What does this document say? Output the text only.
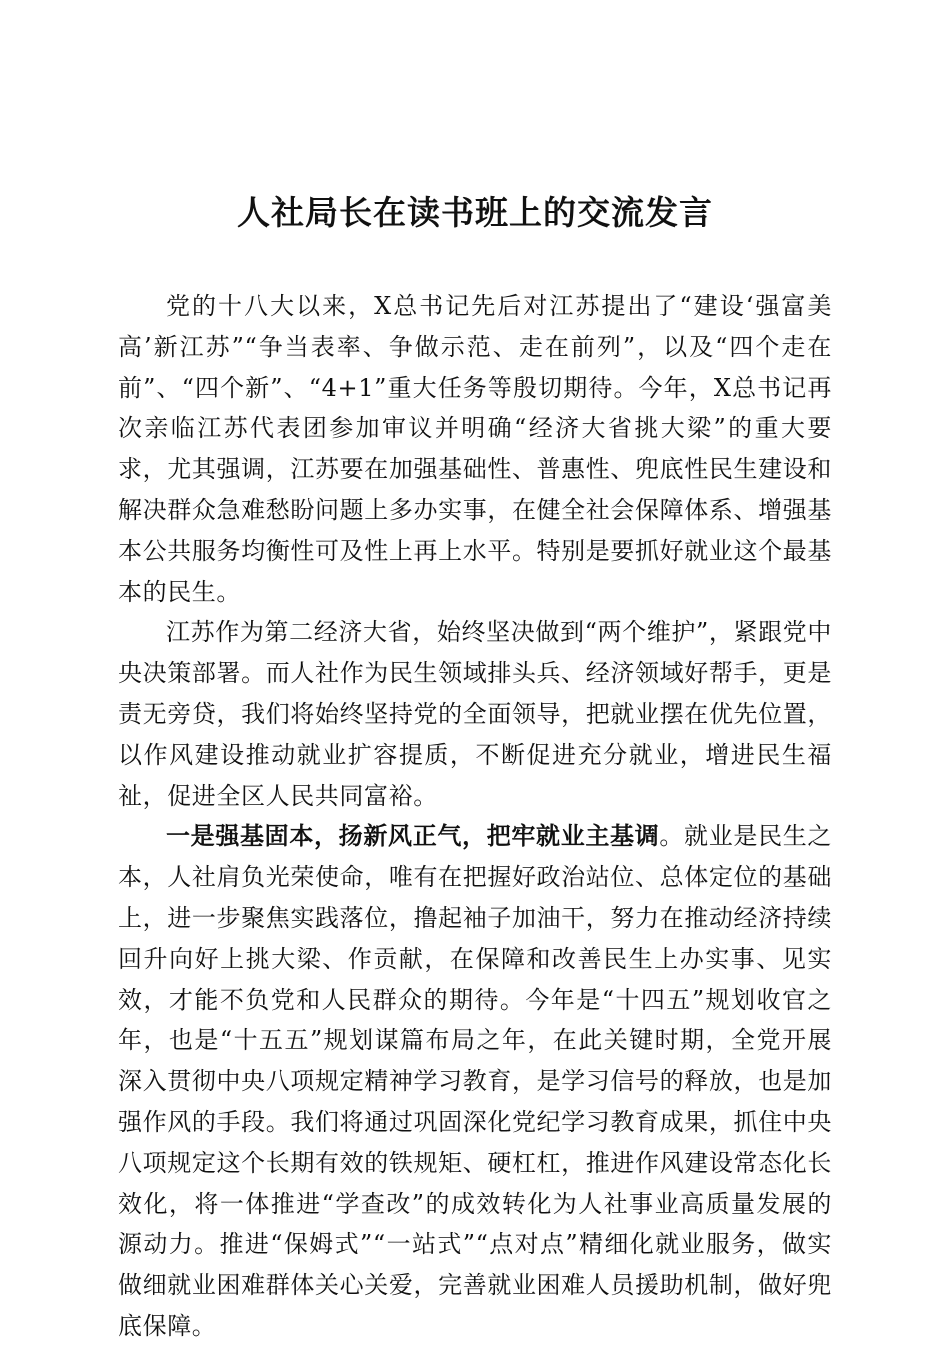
人社局长在读书班上的交流发言

党的十八大以来，X总书记先后对江苏提出了“建设‘强富美高’新江苏”“争当表率、争做示范、走在前列”，以及“四个走在前”、“四个新”、“4+1”重大任务等殷切期待。今年，X总书记再次亲临江苏代表团参加审议并明确“经济大省挑大梁”的重大要求，尤其强调，江苏要在加强基础性、普惠性、兜底性民生建设和解决群众急难愁盼问题上多办实事，在健全社会保障体系、增强基本公共服务均衡性可及性上再上水平。特别是要抓好就业这个最基本的民生。

江苏作为第二经济大省，始终坚决做到“两个维护”，紧跟党中央决策部署。而人社作为民生领域排头兵、经济领域好帮手，更是责无旁贷，我们将始终坚持党的全面领导，把就业摆在优先位置，以作风建设推动就业扩容提质，不断促进充分就业，增进民生福祉，促进全区人民共同富裕。

一是强基固本，扬新风正气，把牢就业主基调。就业是民生之本，人社肩负光荣使命，唯有在把握好政治站位、总体定位的基础上，进一步聚焦实践落位，撸起袖子加油干，努力在推动经济持续回升向好上挑大梁、作贡献，在保障和改善民生上办实事、见实效，才能不负党和人民群众的期待。今年是“十四五”规划收官之年，也是“十五五”规划谋篇布局之年，在此关键时期，全党开展深入贯彻中央八项规定精神学习教育，是学习信号的释放，也是加强作风的手段。我们将通过巩固深化党纪学习教育成果，抓住中央八项规定这个长期有效的铁规矩、硬杠杠，推进作风建设常态化长效化，将一体推进“学查改”的成效转化为人社事业高质量发展的源动力。推进“保姆式”“一站式”“点对点”精细化就业服务，做实做细就业困难群体关心关爱，完善就业困难人员援助机制，做好兜底保障。
